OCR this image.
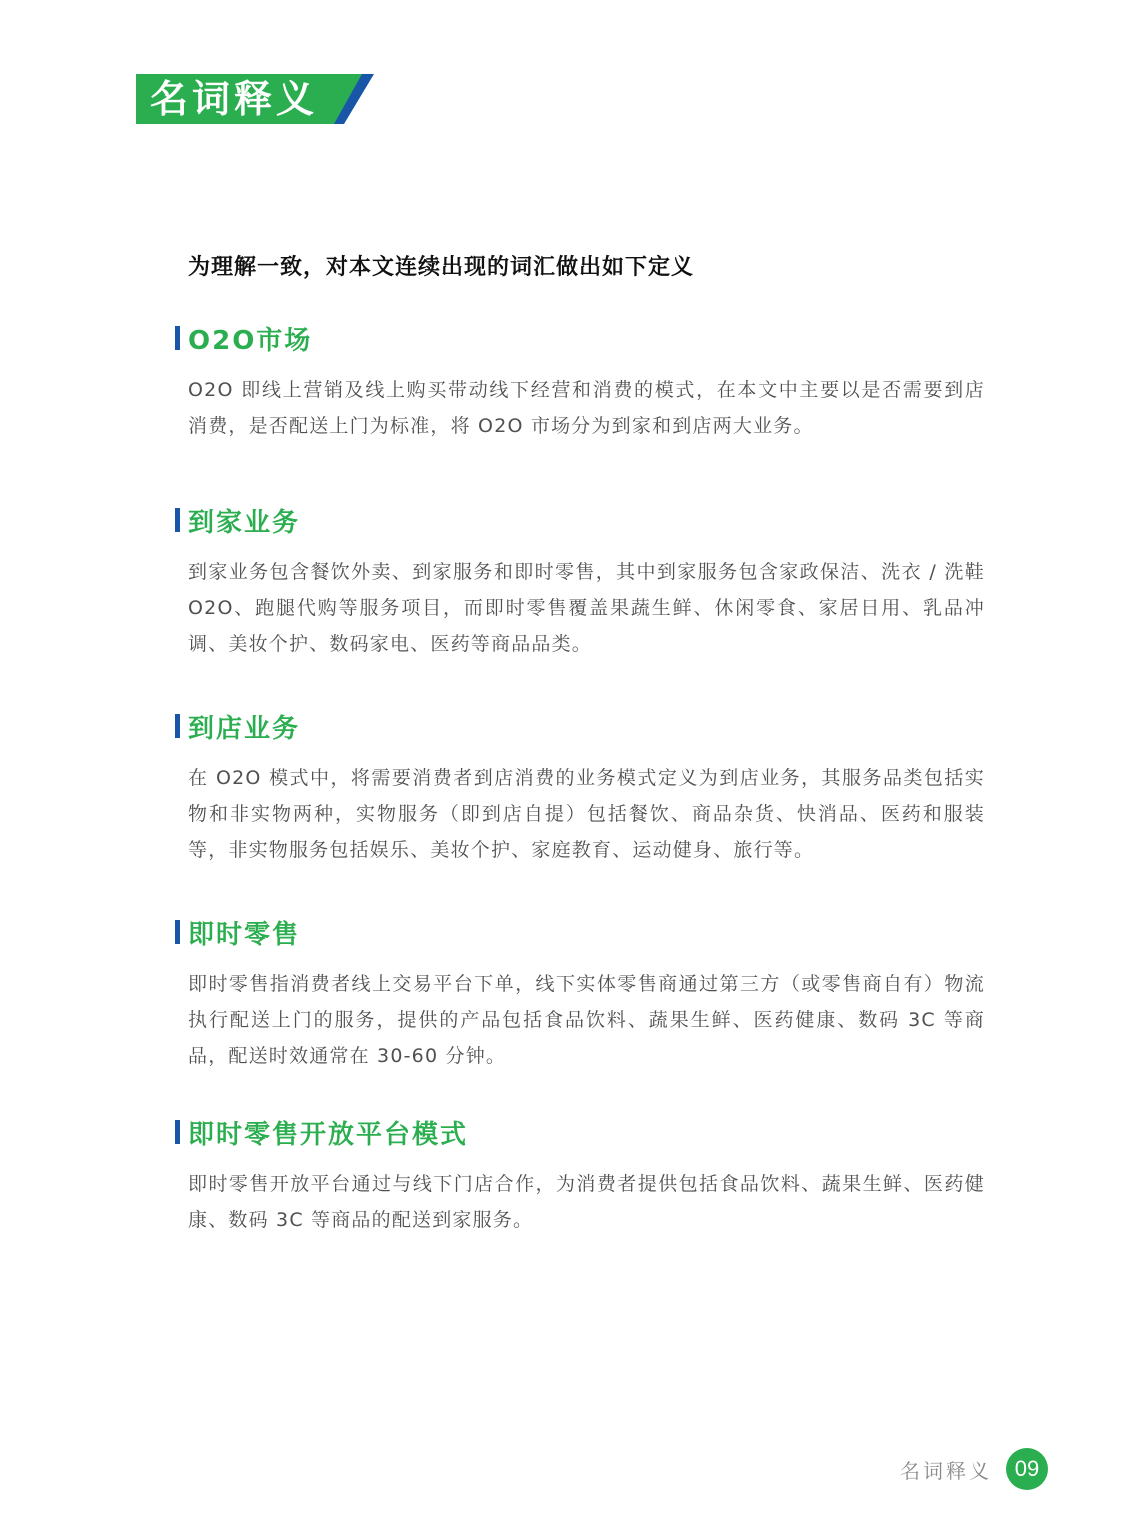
名词释义
为理解一致，对本文连续出现的词汇做出如下定义
O2O市场
O2O 即线上营销及线上购买带动线下经营和消费的模式，在本文中主要以是否需要到店消费，是否配送上门为标准，将 O2O 市场分为到家和到店两大业务。
到家业务
到家业务包含餐饮外卖、到家服务和即时零售，其中到家服务包含家政保洁、洗衣 / 洗鞋 O2O、跑腿代购等服务项目，而即时零售覆盖果蔬生鲜、休闲零食、家居日用、乳品冲调、美妆个护、数码家电、医药等商品品类。
到店业务
在 O2O 模式中，将需要消费者到店消费的业务模式定义为到店业务，其服务品类包括实物和非实物两种，实物服务（即到店自提）包括餐饮、商品杂货、快消品、医药和服装等，非实物服务包括娱乐、美妆个护、家庭教育、运动健身、旅行等。
即时零售
即时零售指消费者线上交易平台下单，线下实体零售商通过第三方（或零售商自有）物流执行配送上门的服务，提供的产品包括食品饮料、蔬果生鲜、医药健康、数码 3C 等商品，配送时效通常在 30-60 分钟。
即时零售开放平台模式
即时零售开放平台通过与线下门店合作，为消费者提供包括食品饮料、蔬果生鲜、医药健康、数码 3C 等商品的配送到家服务。
名词释义	09
